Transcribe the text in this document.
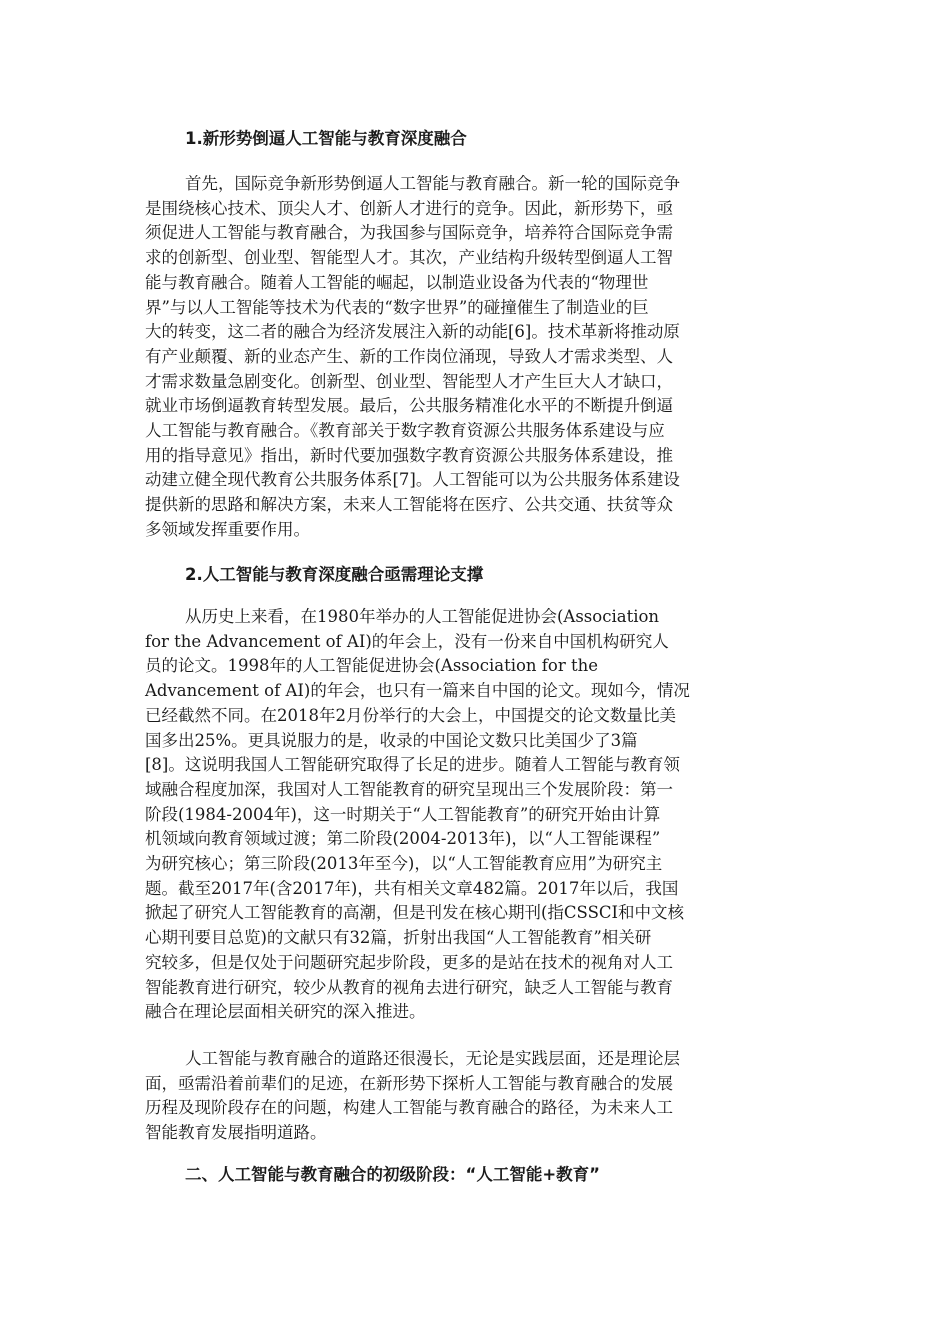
1.新形势倒逼人工智能与教育深度融合
首先，国际竞争新形势倒逼人工智能与教育融合。新一轮的国际竞争
是围绕核心技术、顶尖人才、创新人才进行的竞争。因此，新形势下，亟
须促进人工智能与教育融合，为我国参与国际竞争，培养符合国际竞争需
求的创新型、创业型、智能型人才。其次，产业结构升级转型倒逼人工智
能与教育融合。随着人工智能的崛起，以制造业设备为代表的“物理世
界”与以人工智能等技术为代表的“数字世界”的碰撞催生了制造业的巨
大的转变，这二者的融合为经济发展注入新的动能[6]。技术革新将推动原
有产业颠覆、新的业态产生、新的工作岗位涌现，导致人才需求类型、人
才需求数量急剧变化。创新型、创业型、智能型人才产生巨大人才缺口，
就业市场倒逼教育转型发展。最后，公共服务精准化水平的不断提升倒逼
人工智能与教育融合。《教育部关于数字教育资源公共服务体系建设与应
用的指导意见》指出，新时代要加强数字教育资源公共服务体系建设，推
动建立健全现代教育公共服务体系[7]。人工智能可以为公共服务体系建设
提供新的思路和解决方案，未来人工智能将在医疗、公共交通、扶贫等众
多领域发挥重要作用。
2.人工智能与教育深度融合亟需理论支撑
从历史上来看，在1980年举办的人工智能促进协会(Association
for the Advancement of AI)的年会上，没有一份来自中国机构研究人
员的论文。1998年的人工智能促进协会(Association for the
Advancement of AI)的年会，也只有一篇来自中国的论文。现如今，情况
已经截然不同。在2018年2月份举行的大会上，中国提交的论文数量比美
国多出25%。更具说服力的是，收录的中国论文数只比美国少了3篇
[8]。这说明我国人工智能研究取得了长足的进步。随着人工智能与教育领
域融合程度加深，我国对人工智能教育的研究呈现出三个发展阶段：第一
阶段(1984-2004年)，这一时期关于“人工智能教育”的研究开始由计算
机领域向教育领域过渡；第二阶段(2004-2013年)，以“人工智能课程”
为研究核心；第三阶段(2013年至今)，以“人工智能教育应用”为研究主
题。截至2017年(含2017年)，共有相关文章482篇。2017年以后，我国
掀起了研究人工智能教育的高潮，但是刊发在核心期刊(指CSSCI和中文核
心期刊要目总览)的文献只有32篇，折射出我国“人工智能教育”相关研
究较多，但是仅处于问题研究起步阶段，更多的是站在技术的视角对人工
智能教育进行研究，较少从教育的视角去进行研究，缺乏人工智能与教育
融合在理论层面相关研究的深入推进。
人工智能与教育融合的道路还很漫长，无论是实践层面，还是理论层
面，亟需沿着前辈们的足迹，在新形势下探析人工智能与教育融合的发展
历程及现阶段存在的问题，构建人工智能与教育融合的路径，为未来人工
智能教育发展指明道路。
二、人工智能与教育融合的初级阶段：“人工智能+教育”
